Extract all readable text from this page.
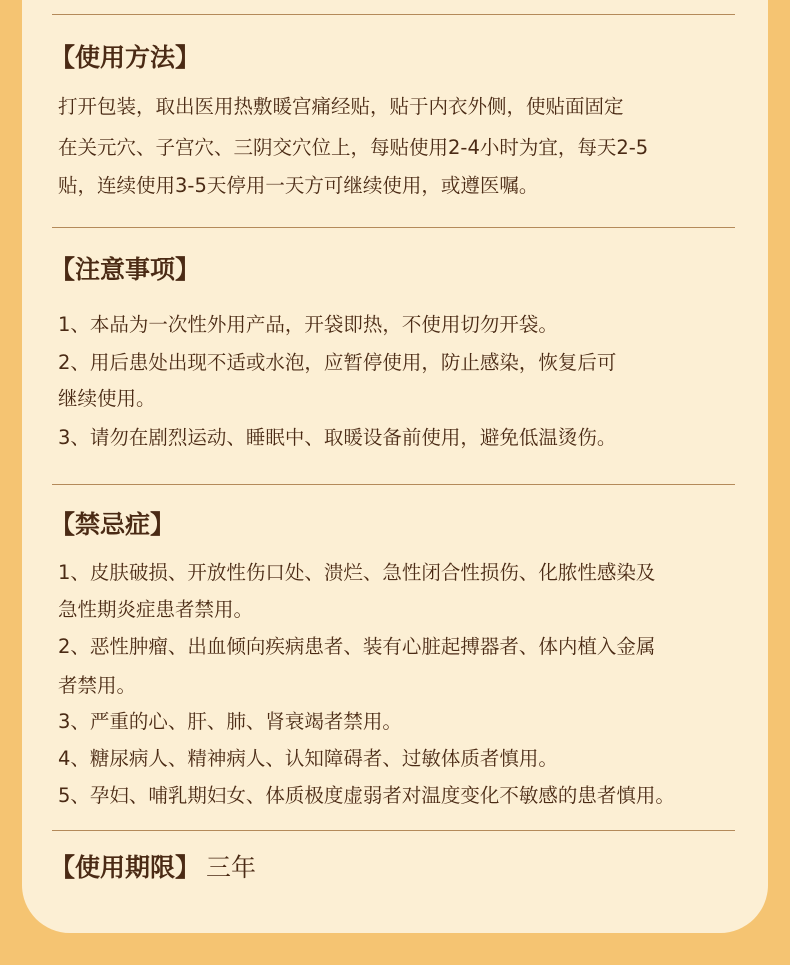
【使用方法】
打开包装，取出医用热敷暖宫痛经贴，贴于内衣外侧，使贴面固定
在关元穴、子宫穴、三阴交穴位上，每贴使用2-4小时为宜，每天2-5
贴，连续使用3-5天停用一天方可继续使用，或遵医嘱。
【注意事项】
1、本品为一次性外用产品，开袋即热，不使用切勿开袋。
2、用后患处出现不适或水泡，应暂停使用，防止感染，恢复后可
继续使用。
3、请勿在剧烈运动、睡眠中、取暖设备前使用，避免低温烫伤。
【禁忌症】
1、皮肤破损、开放性伤口处、溃烂、急性闭合性损伤、化脓性感染及
急性期炎症患者禁用。
2、恶性肿瘤、出血倾向疾病患者、装有心脏起搏器者、体内植入金属
者禁用。
3、严重的心、肝、肺、肾衰竭者禁用。
4、糖尿病人、精神病人、认知障碍者、过敏体质者慎用。
5、孕妇、哺乳期妇女、体质极度虚弱者对温度变化不敏感的患者慎用。
【使用期限】 三年
